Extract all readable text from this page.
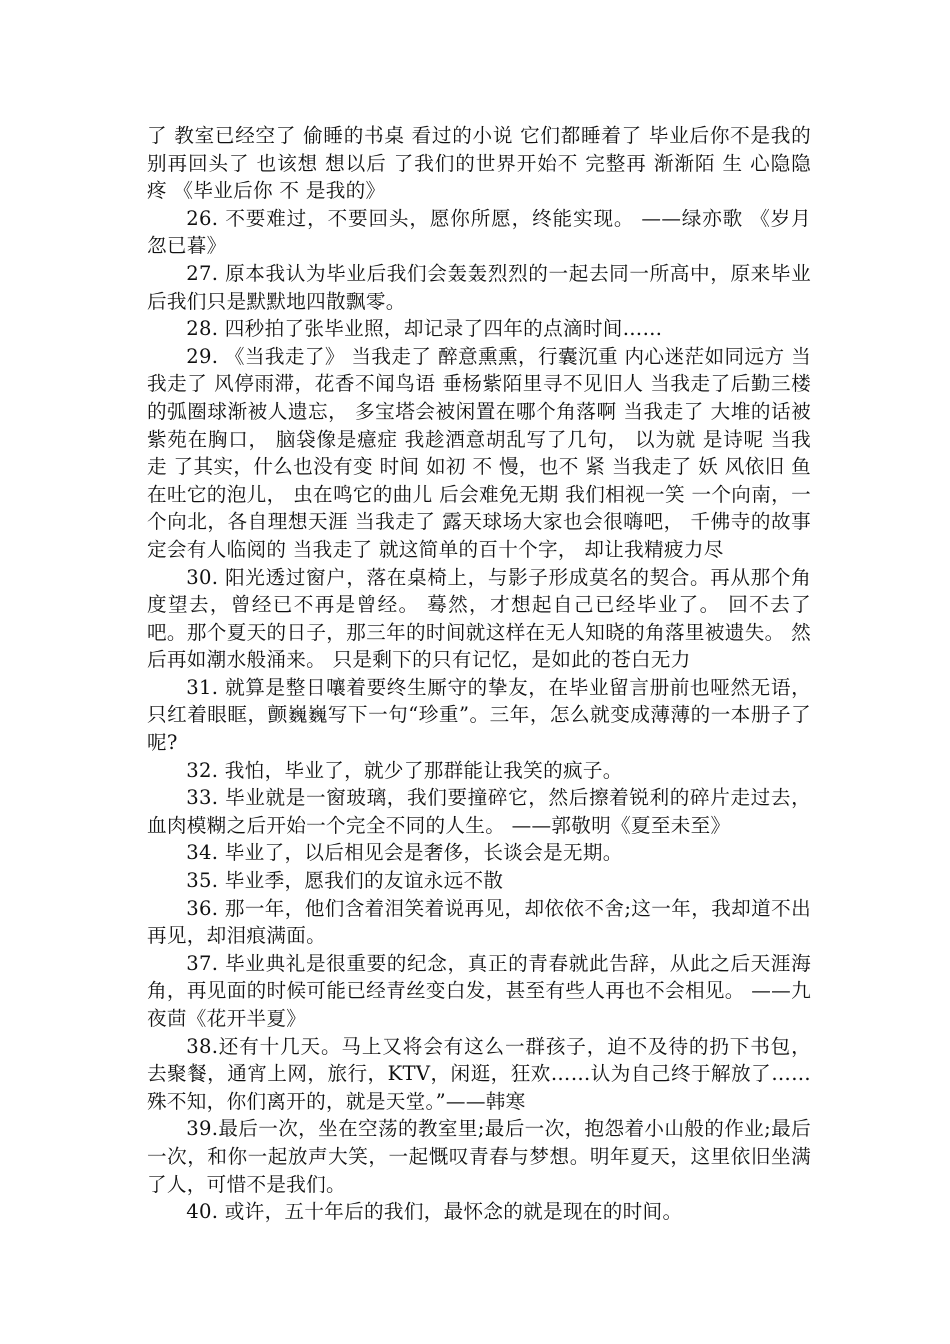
了 教室已经空了 偷睡的书桌 看过的小说 它们都睡着了 毕业后你不是我的 别再回头了 也该想 想以后 了我们的世界开始不 完整再 渐渐陌 生 心隐隐 疼 《毕业后你 不 是我的》

26. 不要难过，不要回头，愿你所愿，终能实现。 ——绿亦歌 《岁月忽已暮》

27. 原本我认为毕业后我们会轰轰烈烈的一起去同一所高中，原来毕业后我们只是默默地四散飘零。

28. 四秒拍了张毕业照，却记录了四年的点滴时间……

29. 《当我走了》 当我走了 醉意熏熏，行囊沉重 内心迷茫如同远方 当我走了 风停雨滞，花香不闻鸟语 垂杨紫陌里寻不见旧人 当我走了后勤三楼的弧圈球渐被人遗忘， 多宝塔会被闲置在哪个角落啊 当我走了 大堆的话被紫苑在胸口， 脑袋像是癔症 我趁酒意胡乱写了几句， 以为就 是诗呢 当我走 了其实，什么也没有变 时间 如初 不 慢，也不 紧 当我走了 妖 风依旧 鱼在吐它的泡儿， 虫在鸣它的曲儿 后会难免无期 我们相视一笑 一个向南，一个向北，各自理想天涯 当我走了 露天球场大家也会很嗨吧， 千佛寺的故事定会有人临阅的 当我走了 就这简单的百十个字， 却让我精疲力尽

30. 阳光透过窗户，落在桌椅上，与影子形成莫名的契合。再从那个角度望去，曾经已不再是曾经。 蓦然，才想起自己已经毕业了。 回不去了吧。那个夏天的日子，那三年的时间就这样在无人知晓的角落里被遗失。 然后再如潮水般涌来。 只是剩下的只有记忆，是如此的苍白无力

31. 就算是整日嚷着要终生厮守的挚友，在毕业留言册前也哑然无语，只红着眼眶，颤巍巍写下一句“珍重”。三年，怎么就变成薄薄的一本册子了呢?

32. 我怕，毕业了，就少了那群能让我笑的疯子。

33. 毕业就是一窗玻璃，我们要撞碎它，然后擦着锐利的碎片走过去，血肉模糊之后开始一个完全不同的人生。 ——郭敬明《夏至未至》

34. 毕业了，以后相见会是奢侈，长谈会是无期。

35. 毕业季，愿我们的友谊永远不散

36. 那一年，他们含着泪笑着说再见，却依依不舍;这一年，我却道不出再见，却泪痕满面。

37. 毕业典礼是很重要的纪念，真正的青春就此告辞，从此之后天涯海角，再见面的时候可能已经青丝变白发，甚至有些人再也不会相见。 ——九夜茴《花开半夏》

38.还有十几天。马上又将会有这么一群孩子，迫不及待的扔下书包，去聚餐，通宵上网，旅行，KTV，闲逛，狂欢……认为自己终于解放了……殊不知，你们离开的，就是天堂。”——韩寒

39.最后一次，坐在空荡的教室里;最后一次，抱怨着小山般的作业;最后一次，和你一起放声大笑，一起慨叹青春与梦想。明年夏天，这里依旧坐满了人，可惜不是我们。

40. 或许，五十年后的我们，最怀念的就是现在的时间。
